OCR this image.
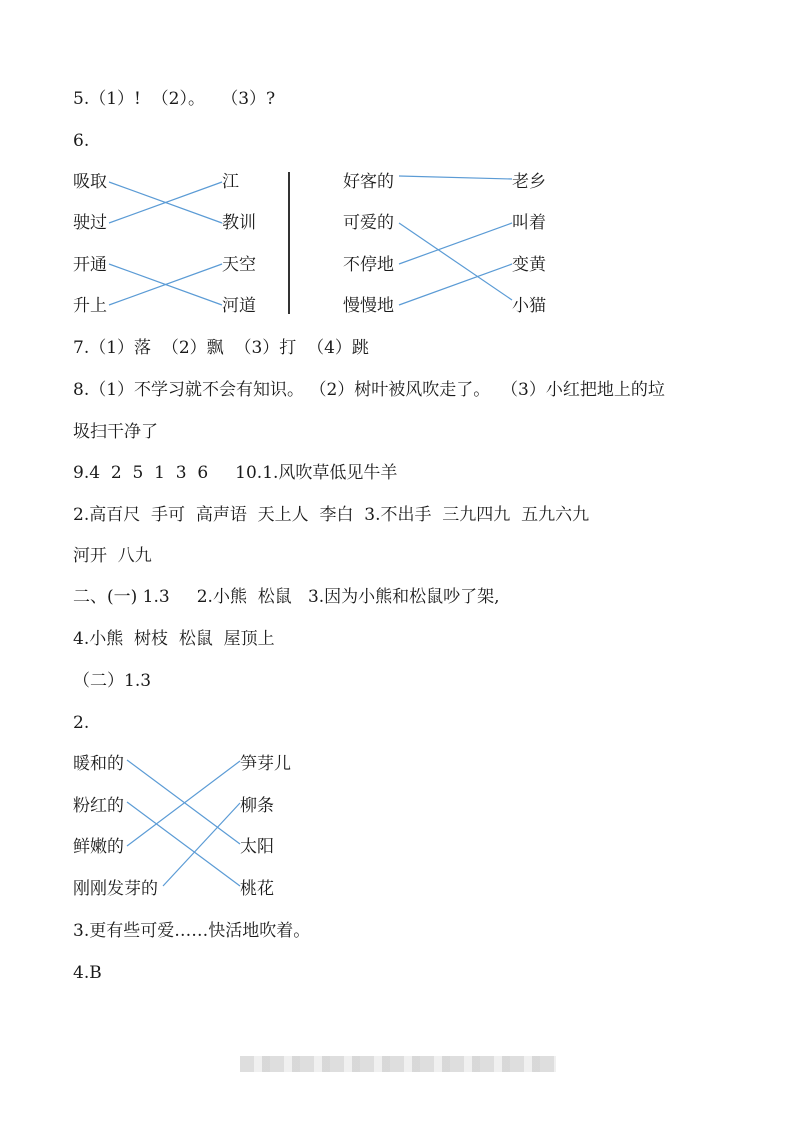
5.（1）!  （2）。   （3）?
6.
吸取
驶过
开通
升上
江
教训
天空
河道
好客的
可爱的
不停地
慢慢地
老乡
叫着
变黄
小猫
7.（1）落  （2）飘  （3）打  （4）跳
8.（1）不学习就不会有知识。 （2）树叶被风吹走了。  （3）小红把地上的垃
圾扫干净了
9.4  2  5  1  3  6     10.1.风吹草低见牛羊
2.高百尺  手可  高声语  天上人  李白  3.不出手  三九四九  五九六九
河开  八九
二、(一) 1.3     2.小熊  松鼠   3.因为小熊和松鼠吵了架,
4.小熊  树枝  松鼠  屋顶上
（二）1.3
2.
暖和的
粉红的
鲜嫩的
刚刚发芽的
笋芽儿
柳条
太阳
桃花
3.更有些可爱……快活地吹着。
4.B
